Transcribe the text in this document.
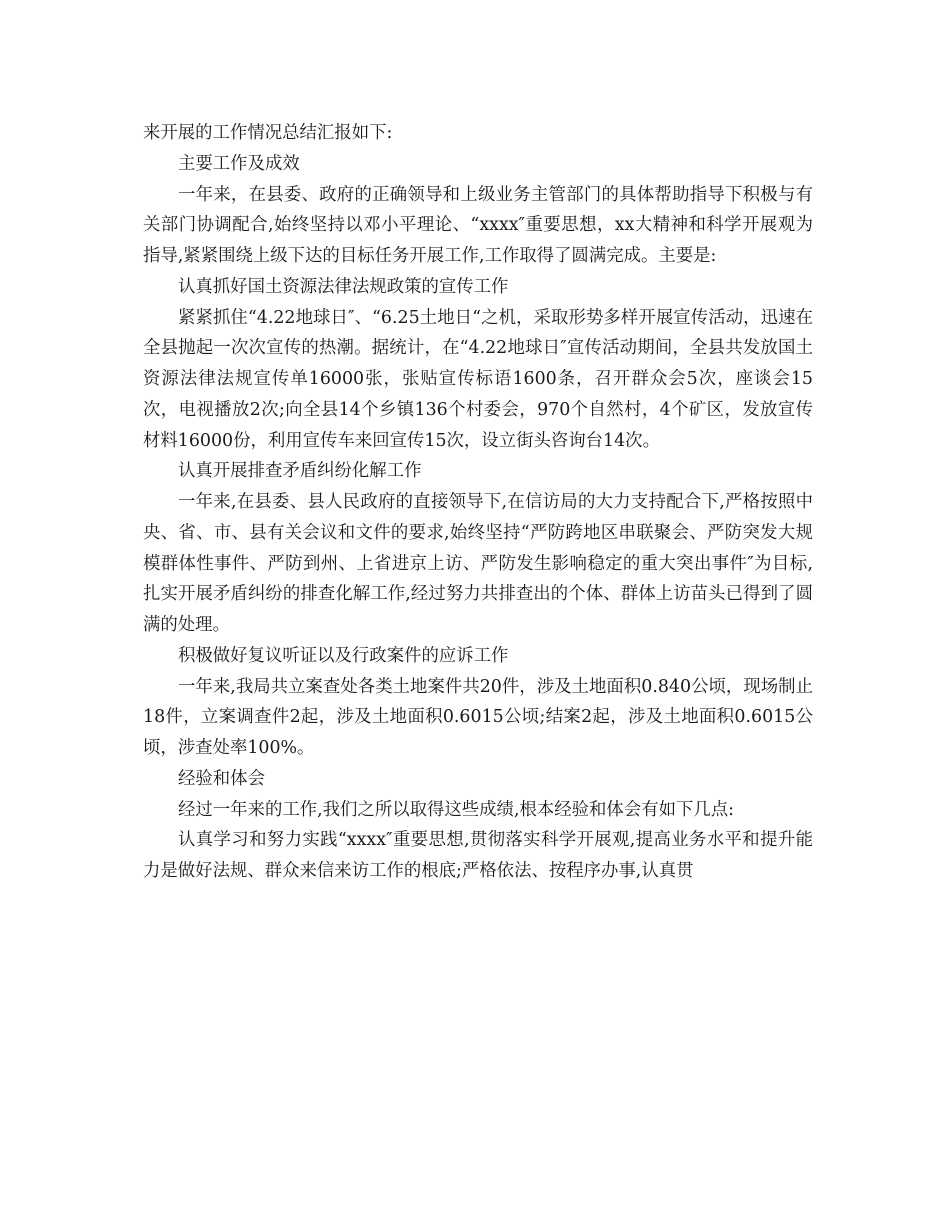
来开展的工作情况总结汇报如下:

主要工作及成效

一年来，在县委、政府的正确领导和上级业务主管部门的具体帮助指导下积极与有关部门协调配合,始终坚持以邓小平理论、“xxxx″重要思想，xx大精神和科学开展观为指导,紧紧围绕上级下达的目标任务开展工作,工作取得了圆满完成。主要是:

认真抓好国土资源法律法规政策的宣传工作

紧紧抓住“4.22地球日″、“6.25土地日“之机，采取形势多样开展宣传活动，迅速在全县抛起一次次宣传的热潮。据统计，在“4.22地球日″宣传活动期间，全县共发放国土资源法律法规宣传单16000张，张贴宣传标语1600条，召开群众会5次，座谈会15次，电视播放2次;向全县14个乡镇136个村委会，970个自然村，4个矿区，发放宣传材料16000份，利用宣传车来回宣传15次，设立街头咨询台14次。

认真开展排查矛盾纠纷化解工作

一年来,在县委、县人民政府的直接领导下,在信访局的大力支持配合下,严格按照中央、省、市、县有关会议和文件的要求,始终坚持“严防跨地区串联聚会、严防突发大规模群体性事件、严防到州、上省进京上访、严防发生影响稳定的重大突出事件″为目标,扎实开展矛盾纠纷的排查化解工作,经过努力共排查出的个体、群体上访苗头已得到了圆满的处理。

积极做好复议听证以及行政案件的应诉工作

一年来,我局共立案查处各类土地案件共20件，涉及土地面积0.840公顷，现场制止18件，立案调查件2起，涉及土地面积0.6015公顷;结案2起，涉及土地面积0.6015公顷，涉查处率100%。

经验和体会

经过一年来的工作,我们之所以取得这些成绩,根本经验和体会有如下几点:

认真学习和努力实践“xxxx″重要思想,贯彻落实科学开展观,提高业务水平和提升能力是做好法规、群众来信来访工作的根底;严格依法、按程序办事,认真贯
